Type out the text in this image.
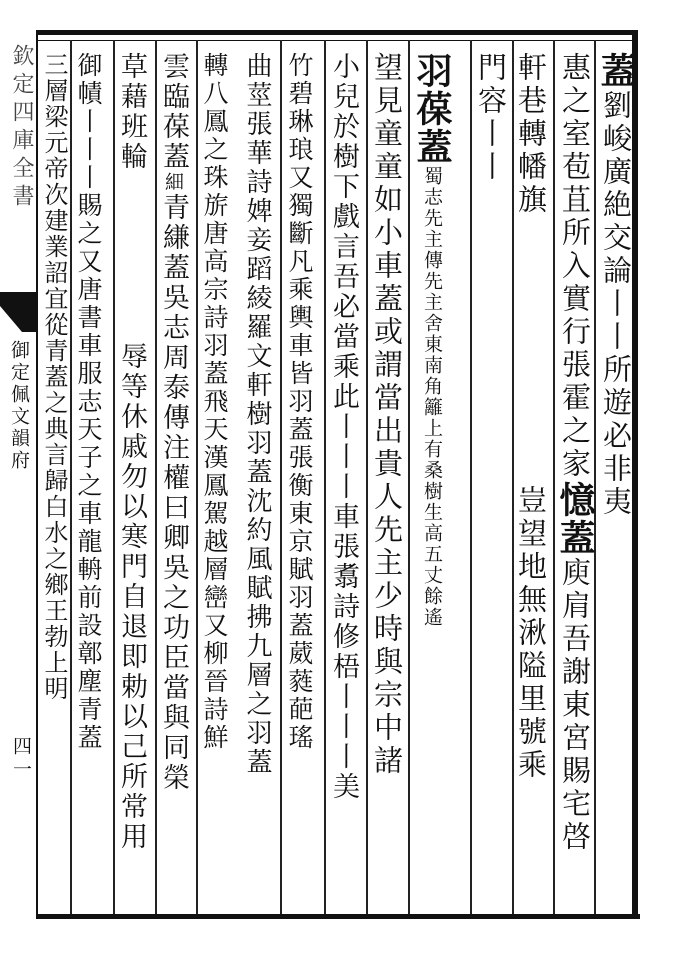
欽定四庫全書
御定佩文韻府
四一
蓋劉峻廣絶交論丨丨所遊必非夷
惠之室苞苴所入實行張霍之家憶蓋庾肩吾謝東宮賜宅啓
軒巷轉幡旗豈望地無湫隘里號乘
門容丨丨
羽葆蓋蜀志先主傳先主舍東南角籬上有桑樹生高五丈餘遙
望見童童如小車蓋或謂當出貴人先主少時與宗中諸
小兒於樹下戲言吾必當乘此丨丨丨車張翥詩修梧丨丨丨美
竹碧琳琅又獨斷凡乘輿車皆羽蓋張衡東京賦羽蓋葳蕤葩瑤
曲莖張華詩婢妾蹈綾羅文軒樹羽蓋沈約風賦拂九層之羽蓋
轉八鳳之珠旂唐高宗詩羽蓋飛天漢鳳駕越層巒又柳晉詩鮮
雲臨葆蓋細青縑蓋吳志周泰傳注權曰卿吳之功臣當與同榮
草藉班輪辱等休戚勿以寒門自退即勅以己所常用
御幘丨丨丨賜之又唐書車服志天子之車龍輈前設鄣塵青蓋
三層梁元帝次建業詔宜從青蓋之典言歸白水之鄉王勃上明
